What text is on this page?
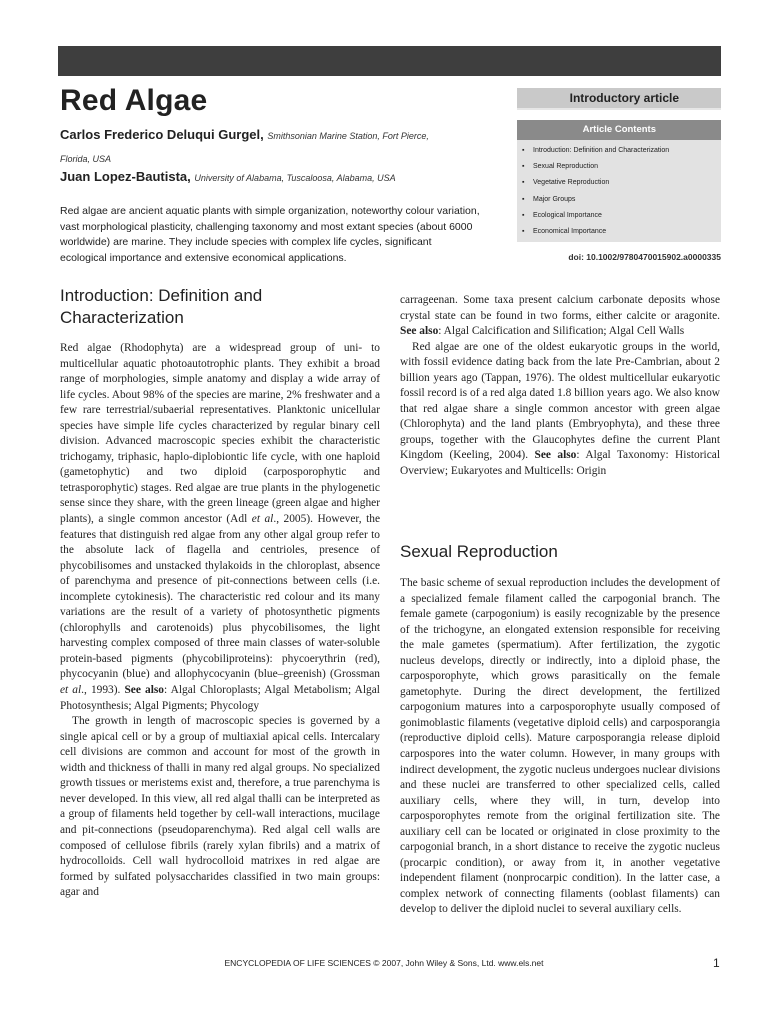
Red Algae
Carlos Frederico Deluqui Gurgel, Smithsonian Marine Station, Fort Pierce,
Florida, USA
Juan Lopez-Bautista, University of Alabama, Tuscaloosa, Alabama, USA
Red algae are ancient aquatic plants with simple organization, noteworthy colour variation, vast morphological plasticity, challenging taxonomy and most extant species (about 6000 worldwide) are marine. They include species with complex life cycles, significant ecological importance and extensive economical applications.
Introductory article
Article Contents
▪ Introduction: Definition and Characterization
▪ Sexual Reproduction
▪ Vegetative Reproduction
▪ Major Groups
▪ Ecological Importance
▪ Economical Importance
doi: 10.1002/9780470015902.a0000335
Introduction: Definition and Characterization

Red algae (Rhodophyta) are a widespread group of uni- to multicellular aquatic photoautotrophic plants. They exhibit a broad range of morphologies, simple anatomy and display a wide array of life cycles. About 98% of the species are marine, 2% freshwater and a few rare terrestrial/subaerial representatives. Planktonic unicellular species have simple life cycles characterized by regular binary cell division. Advanced macroscopic species exhibit the characteristic trichogamy, triphasic, haplo-diplobiontic life cycle, with one haploid (gametophytic) and two diploid (carposporophytic and tetrasporophytic) stages. Red algae are true plants in the phylogenetic sense since they share, with the green lineage (green algae and higher plants), a single common ancestor (Adl et al., 2005). However, the features that distinguish red algae from any other algal group refer to the absolute lack of flagella and centrioles, presence of phycobilisomes and unstacked thylakoids in the chloroplast, absence of parenchyma and presence of pit-connections between cells (i.e. incomplete cytokinesis). The characteristic red colour and its many variations are the result of a variety of photosynthetic pigments (chlorophylls and carotenoids) plus phycobilisomes, the light harvesting complex composed of three main classes of water-soluble protein-based pigments (phycobiliproteins): phycoerythrin (red), phycocyanin (blue) and allophycocyanin (blue–greenish) (Grossman et al., 1993). See also: Algal Chloroplasts; Algal Metabolism; Algal Photosynthesis; Algal Pigments; Phycology

The growth in length of macroscopic species is governed by a single apical cell or by a group of multiaxial apical cells. Intercalary cell divisions are common and account for most of the growth in width and thickness of thalli in many red algal groups. No specialized growth tissues or meristems exist and, therefore, a true parenchyma is never developed. In this view, all red algal thalli can be interpreted as a group of filaments held together by cell-wall interactions, mucilage and pit-connections (pseudoparenchyma). Red algal cell walls are composed of cellulose fibrils (rarely xylan fibrils) and a matrix of hydrocolloids. Cell wall hydrocolloid matrixes in red algae are formed by sulfated polysaccharides classified in two main groups: agar and

carrageenan. Some taxa present calcium carbonate deposits whose crystal state can be found in two forms, either calcite or aragonite. See also: Algal Calcification and Silification; Algal Cell Walls

Red algae are one of the oldest eukaryotic groups in the world, with fossil evidence dating back from the late Pre-Cambrian, about 2 billion years ago (Tappan, 1976). The oldest multicellular eukaryotic fossil record is of a red alga dated 1.8 billion years ago. We also know that red algae share a single common ancestor with green algae (Chlorophyta) and the land plants (Embryophyta), and these three groups, together with the Glaucophytes define the current Plant Kingdom (Keeling, 2004). See also: Algal Taxonomy: Historical Overview; Eukaryotes and Multicells: Origin

Sexual Reproduction

The basic scheme of sexual reproduction includes the development of a specialized female filament called the carpogonial branch. The female gamete (carpogonium) is easily recognizable by the presence of the trichogyne, an elongated extension responsible for receiving the male gametes (spermatium). After fertilization, the zygotic nucleus develops, directly or indirectly, into a diploid phase, the carposporophyte, which grows parasitically on the female gametophyte. During the direct development, the fertilized carpogonium matures into a carposporophyte usually composed of gonimoblastic filaments (vegetative diploid cells) and carposporangia (reproductive diploid cells). Mature carposporangia release diploid carpospores into the water column. However, in many groups with indirect development, the zygotic nucleus undergoes nuclear divisions and these nuclei are transferred to other specialized cells, called auxiliary cells, where they will, in turn, develop into carposporophytes remote from the original fertilization site. The auxiliary cell can be located or originated in close proximity to the carpogonial branch, in a short distance to receive the zygotic nucleus (procarpic condition), or away from it, in another vegetative independent filament (nonprocarpic condition). In the latter case, a complex network of connecting filaments (ooblast filaments) can develop to deliver the diploid nuclei to several auxiliary cells.

ENCYCLOPEDIA OF LIFE SCIENCES © 2007, John Wiley & Sons, Ltd. www.els.net	1
